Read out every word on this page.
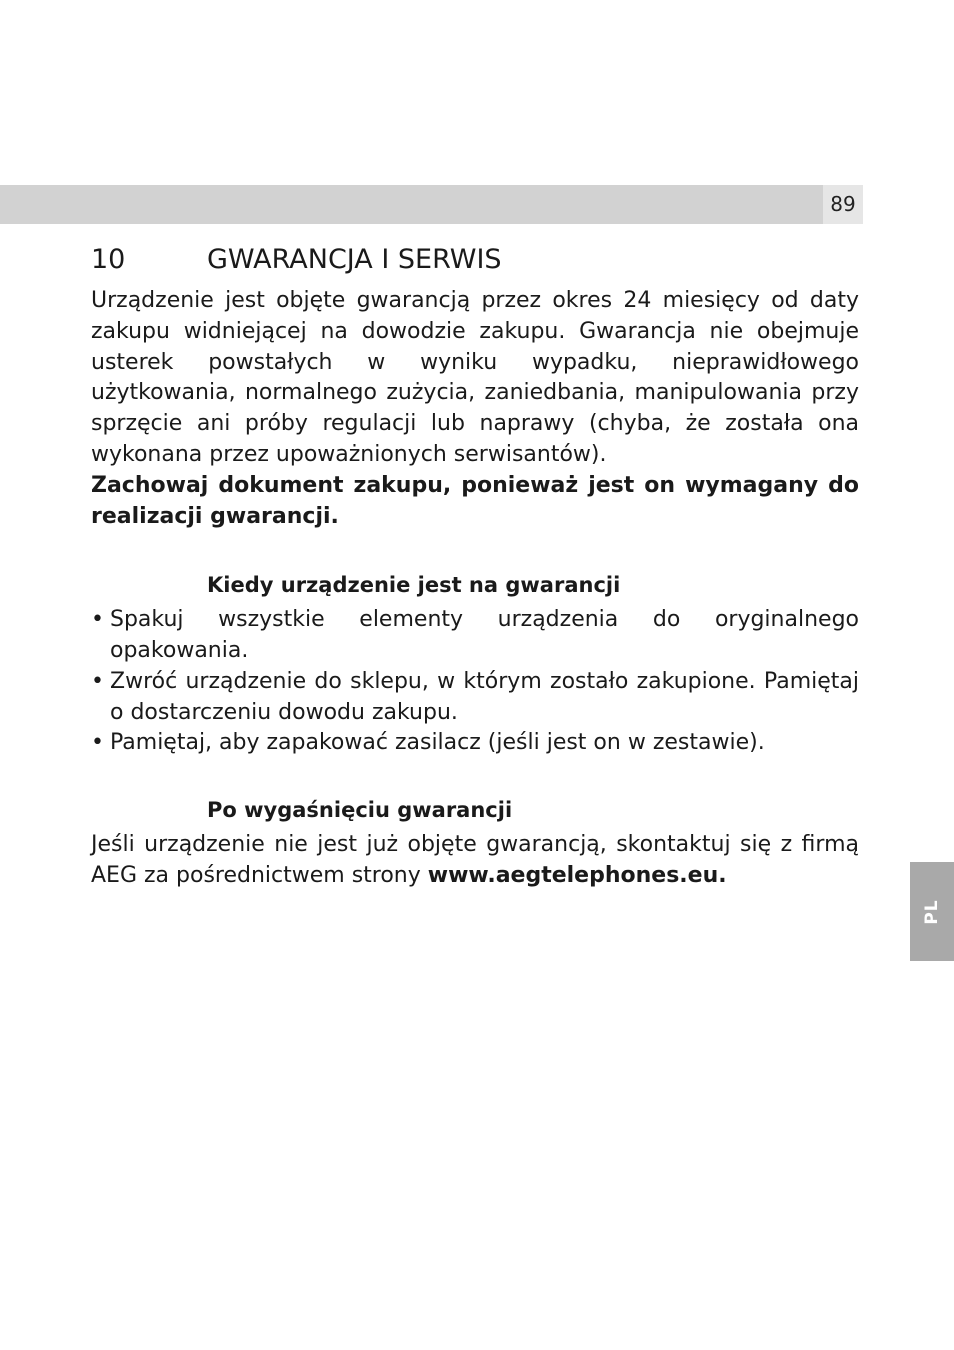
89
PL
10	GWARANCJA I SERWIS

Urządzenie jest objęte gwarancją przez okres 24 miesięcy od daty zakupu widniejącej na dowodzie zakupu. Gwarancja nie obejmuje usterek powstałych w wyniku wypadku, nieprawidłowego użytkowania, normalnego zużycia, zaniedbania, manipulowania przy sprzęcie ani próby regulacji lub naprawy (chyba, że została ona wykonana przez upoważnionych serwisantów).

Zachowaj dokument zakupu, ponieważ jest on wymagany do realizacji gwarancji.

Kiedy urządzenie jest na gwarancji
• Spakuj wszystkie elementy urządzenia do oryginalnego opakowania.
• Zwróć urządzenie do sklepu, w którym zostało zakupione. Pamiętaj o dostarczeniu dowodu zakupu.
• Pamiętaj, aby zapakować zasilacz (jeśli jest on w zestawie).
Po wygaśnięciu gwarancji

Jeśli urządzenie nie jest już objęte gwarancją, skontaktuj się z firmą AEG za pośrednictwem strony www.aegtelephones.eu.
